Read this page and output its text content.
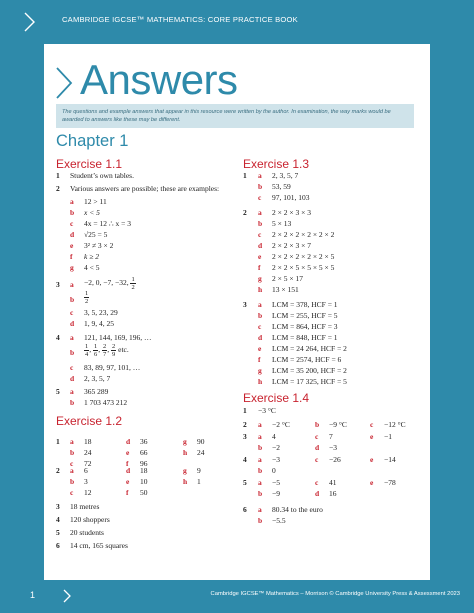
CAMBRIDGE IGCSE™ MATHEMATICS: CORE PRACTICE BOOK
Answers
The questions and example answers that appear in this resource were written by the author. In examination, the way marks would be awarded to answers like these may be different.
Chapter 1
Exercise 1.1
1 Student’s own tables.
2 Various answers are possible; these are examples:
a 12 > 11
b x < 5
c 4x = 12 ∴ x = 3
d √25 = 5
e 3² ≠ 3 × 2
f k ≥ 2
g 4 < 5
3 a −2, 0, −7, −32, $\frac{1}{2}$
b $\frac{1}{2}$
c 3, 5, 23, 29
d 1, 9, 4, 25
4 a 121, 144, 169, 196, …
b $\frac{1}{4}$ , $\frac{1}{6}$ , $\frac{2}{7}$ , $\frac{2}{9}$ etc.
c 83, 89, 97, 101, …
d 2, 3, 5, 7
5 a 365 289
b 1 703 473 212
Exercise 1.2
3 18 metres
4 120 shoppers
5 20 students
6 14 cm, 165 squares
Exercise 1.3
Exercise 1.4
1 −3 °C
6 a 80.34 to the euro
b −5.5
1	Cambridge IGCSE™ Mathematics – Morrison © Cambridge University Press & Assessment 2023
1 a 18	d 36	g 90
b 24	e 66	h 24
c 72	f 96
2 a 6	d 18	g 9
b 3	e 10	h 1
c 12	f 50
1 a 2, 3, 5, 7
b 53, 59
c 97, 101, 103
2 a 2 × 2 × 3 × 3
b 5 × 13
c 2 × 2 × 2 × 2 × 2 × 2
d 2 × 2 × 3 × 7
e 2 × 2 × 2 × 2 × 2 × 5
f 2 × 2 × 5 × 5 × 5 × 5
g 2 × 5 × 17
h 13 × 151
3 a LCM = 378, HCF = 1
b LCM = 255, HCF = 5
c LCM = 864, HCF = 3
d LCM = 848, HCF = 1
e LCM = 24 264, HCF = 2
f LCM = 2574, HCF = 6
g LCM = 35 200, HCF = 2
h LCM = 17 325, HCF = 5
2 a −2 °C	b −9 °C	c −12 °C
3 a 4	c 7	e −1
b −2	d −3
4 a −3	c −26	e −14
b 0
5 a −5	c 41	e −78
b −9	d 16
